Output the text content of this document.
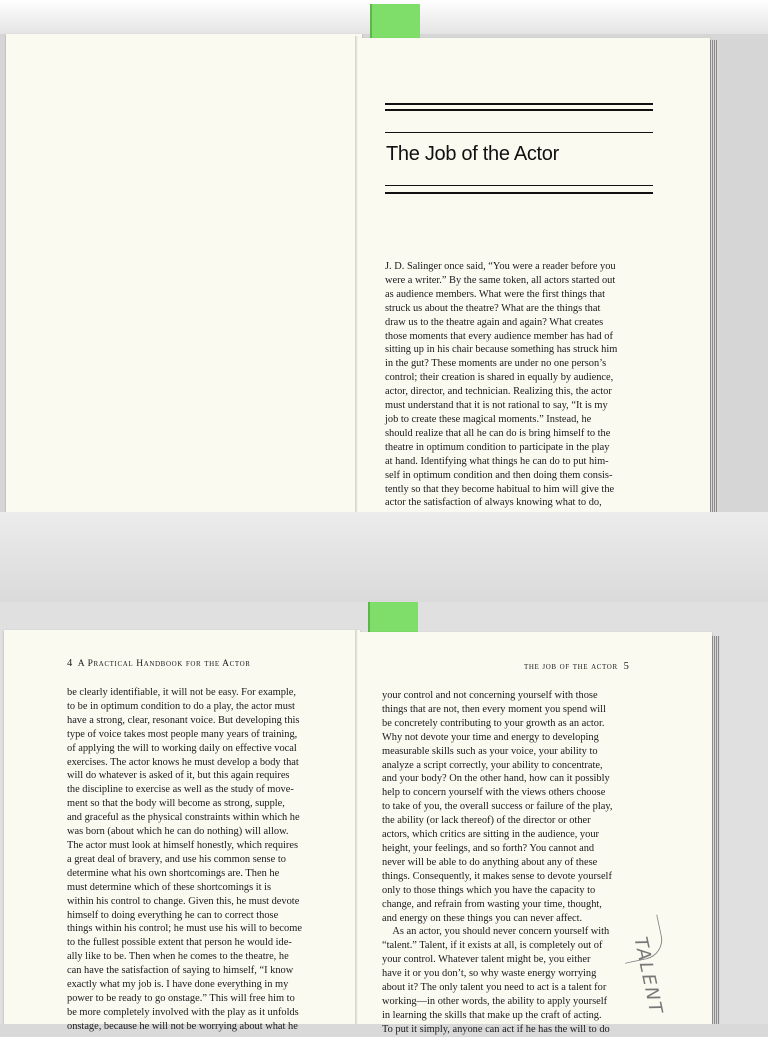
The Job of the Actor
J. D. Salinger once said, “You were a reader before you
were a writer.” By the same token, all actors started out
as audience members. What were the first things that
struck us about the theatre? What are the things that
draw us to the theatre again and again? What creates
those moments that every audience member has had of
sitting up in his chair because something has struck him
in the gut? These moments are under no one person’s
control; their creation is shared in equally by audience,
actor, director, and technician. Realizing this, the actor
must understand that it is not rational to say, “It is my
job to create these magical moments.” Instead, he
should realize that all he can do is bring himself to the
theatre in optimum condition to participate in the play
at hand. Identifying what things he can do to put him-
self in optimum condition and then doing them consis-
tently so that they become habitual to him will give the
actor the satisfaction of always knowing what to do,
4 A Practical Handbook for the Actor	the job of the actor 5
be clearly identifiable, it will not be easy. For example,
to be in optimum condition to do a play, the actor must
have a strong, clear, resonant voice. But developing this
type of voice takes most people many years of training,
of applying the will to working daily on effective vocal
exercises. The actor knows he must develop a body that
will do whatever is asked of it, but this again requires
the discipline to exercise as well as the study of move-
ment so that the body will become as strong, supple,
and graceful as the physical constraints within which he
was born (about which he can do nothing) will allow.
The actor must look at himself honestly, which requires
a great deal of bravery, and use his common sense to
determine what his own shortcomings are. Then he
must determine which of these shortcomings it is
within his control to change. Given this, he must devote
himself to doing everything he can to correct those
things within his control; he must use his will to become
to the fullest possible extent that person he would ide-
ally like to be. Then when he comes to the theatre, he
can have the satisfaction of saying to himself, “I know
exactly what my job is. I have done everything in my
power to be ready to go onstage.” This will free him to
be more completely involved with the play as it unfolds
onstage, because he will not be worrying about what he
your control and not concerning yourself with those
things that are not, then every moment you spend will
be concretely contributing to your growth as an actor.
Why not devote your time and energy to developing
measurable skills such as your voice, your ability to
analyze a script correctly, your ability to concentrate,
and your body? On the other hand, how can it possibly
help to concern yourself with the views others choose
to take of you, the overall success or failure of the play,
the ability (or lack thereof) of the director or other
actors, which critics are sitting in the audience, your
height, your feelings, and so forth? You cannot and
never will be able to do anything about any of these
things. Consequently, it makes sense to devote yourself
only to those things which you have the capacity to
change, and refrain from wasting your time, thought,
and energy on these things you can never affect.
 As an actor, you should never concern yourself with
“talent.” Talent, if it exists at all, is completely out of
your control. Whatever talent might be, you either
have it or you don’t, so why waste energy worrying
about it? The only talent you need to act is a talent for
working—in other words, the ability to apply yourself
in learning the skills that make up the craft of acting.
To put it simply, anyone can act if he has the will to do
TALENT
